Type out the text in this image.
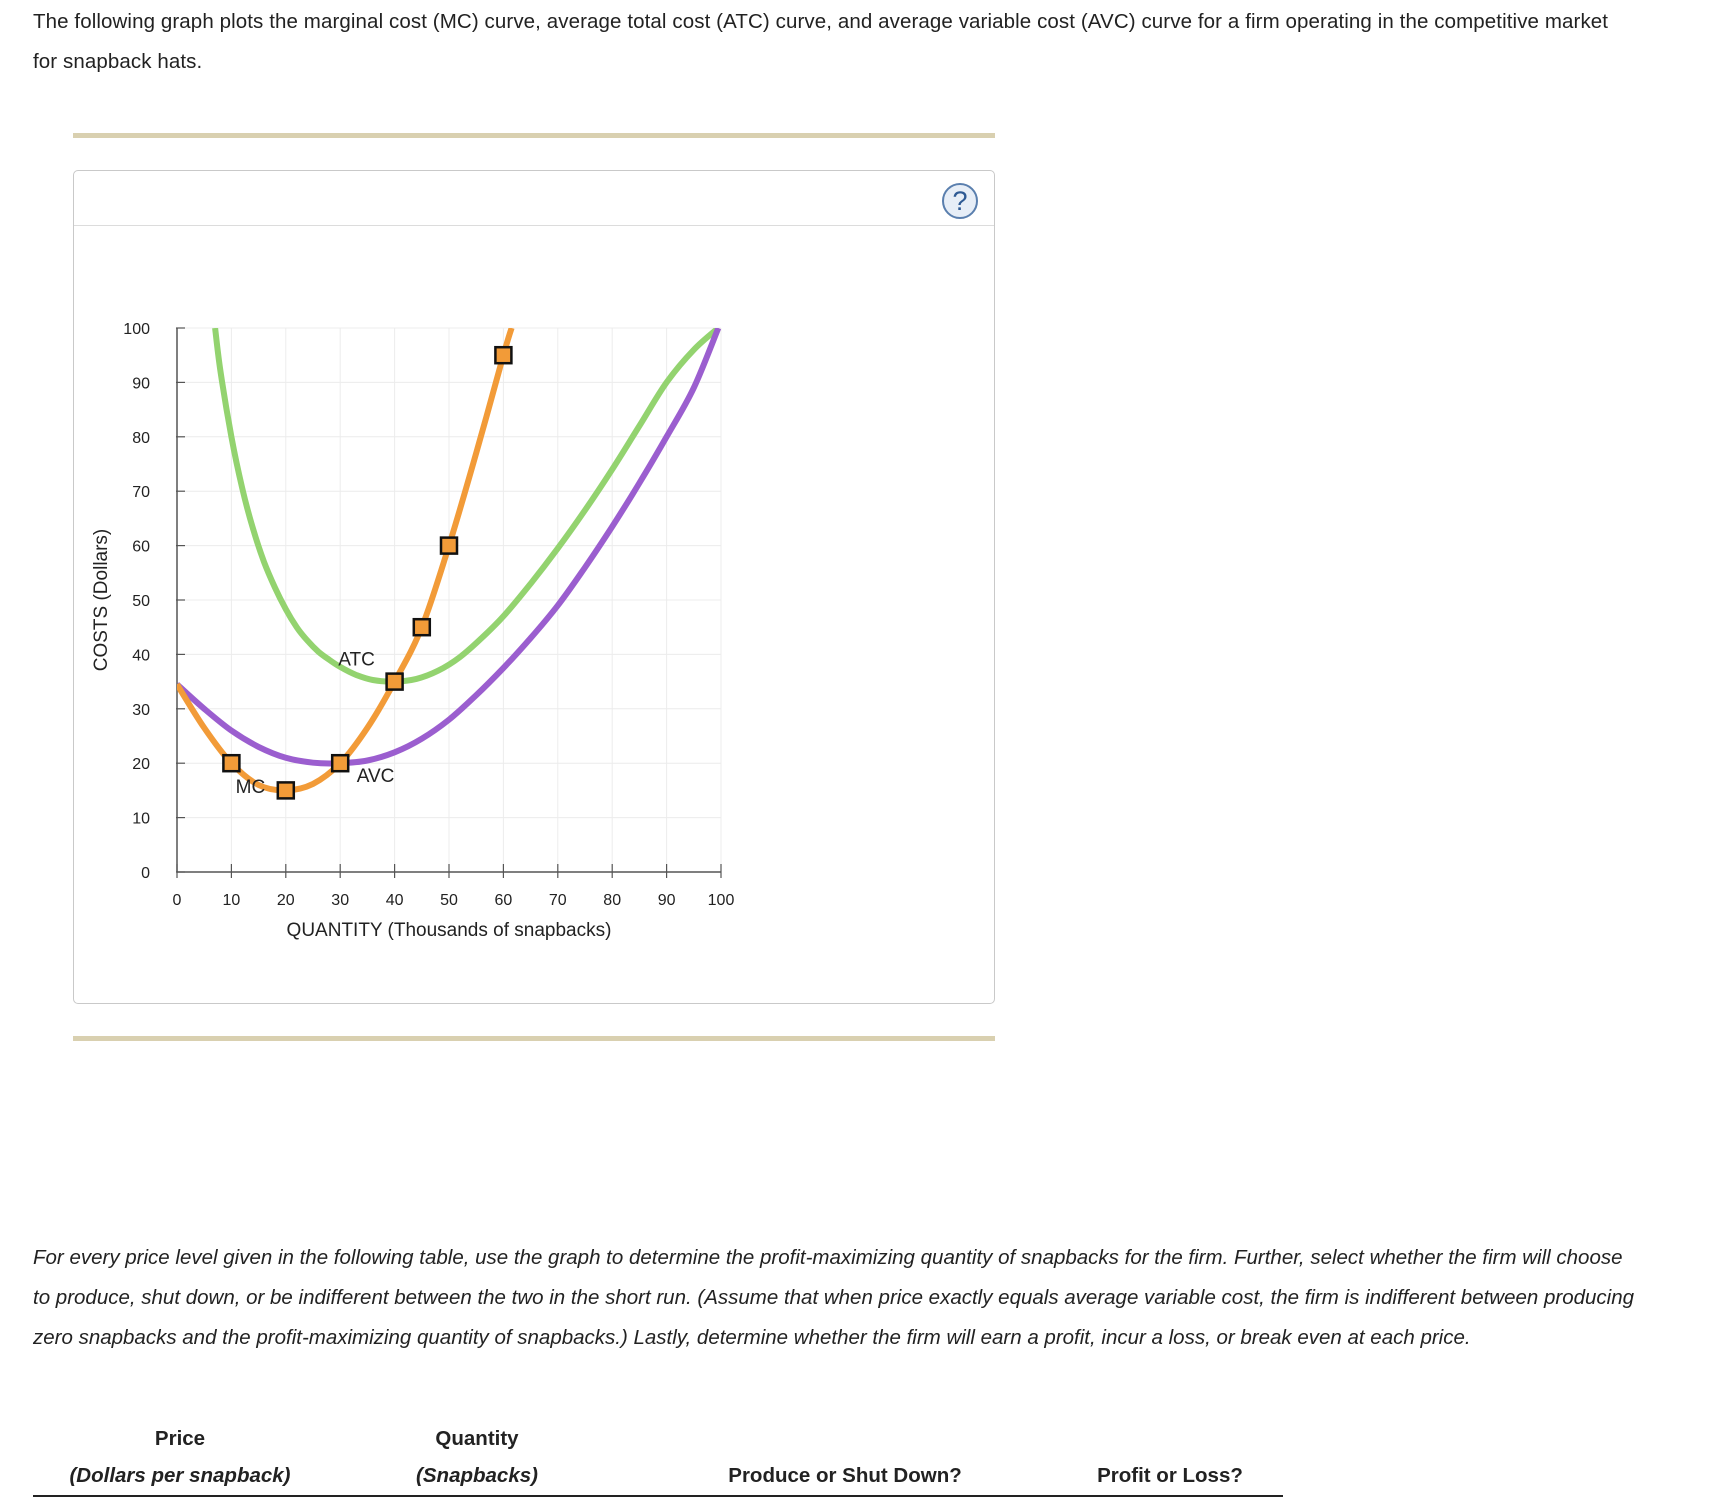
The following graph plots the marginal cost (MC) curve, average total cost (ATC) curve, and average variable cost (AVC) curve for a firm operating in the competitive market for snapback hats.
?
0
10
20
30
40
50
60
70
80
90
100
0	10 20 30 40 50 60 70 80 90 100
QUANTITY (Thousands of snapbacks)
COSTS (Dollars)	ATC
AVC
MC
For every price level given in the following table, use the graph to determine the profit-maximizing quantity of snapbacks for the firm. Further, select whether the firm will choose to produce, shut down, or be indifferent between the two in the short run. (Assume that when price exactly equals average variable cost, the firm is indifferent between producing zero snapbacks and the profit-maximizing quantity of snapbacks.) Lastly, determine whether the firm will earn a profit, incur a loss, or break even at each price.
Price
(Dollars per snapback)
Quantity
(Snapbacks)	Produce or Shut Down?	Profit or Loss?
